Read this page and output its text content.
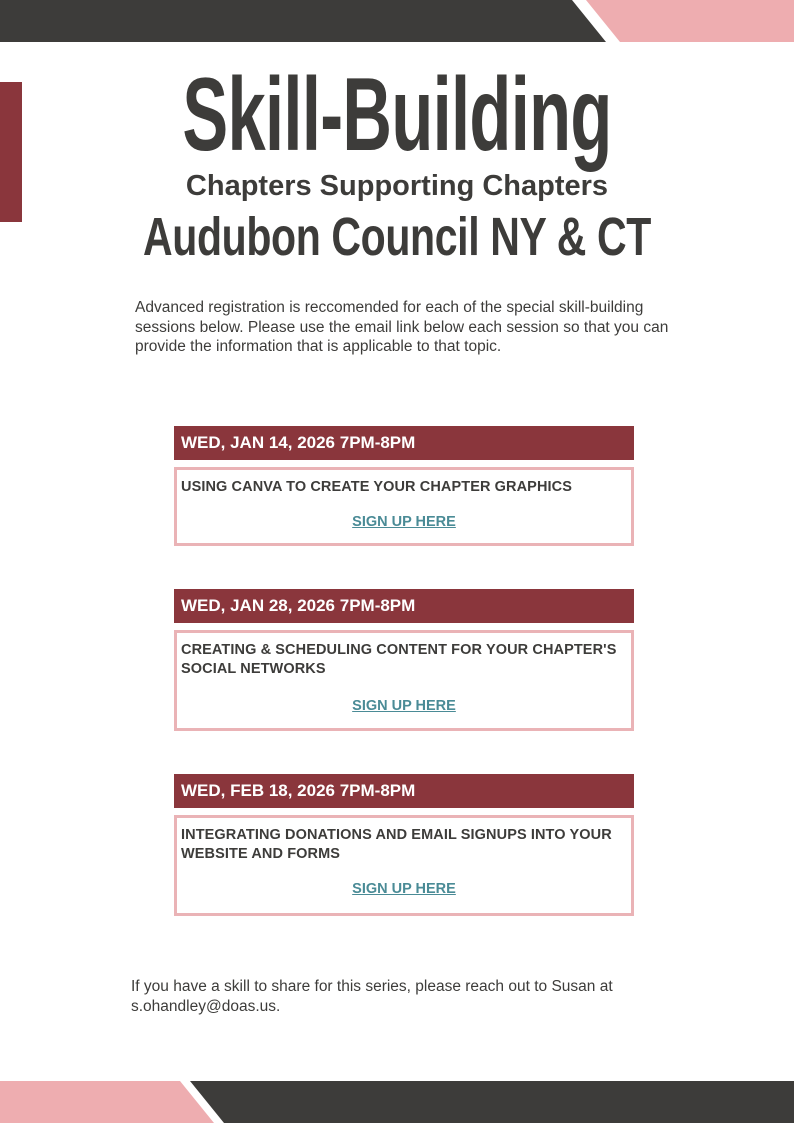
Skill-Building
Chapters Supporting Chapters
Audubon Council NY & CT
Advanced registration is reccomended for each of the special skill-building sessions below. Please use the email link below each session so that you can provide the information that is applicable to that topic.
WED, JAN 14, 2026 7PM-8PM
USING CANVA TO CREATE YOUR CHAPTER GRAPHICS
SIGN UP HERE
WED, JAN 28, 2026 7PM-8PM
CREATING & SCHEDULING CONTENT FOR YOUR CHAPTER'S SOCIAL NETWORKS
SIGN UP HERE
WED, FEB 18, 2026 7PM-8PM
INTEGRATING DONATIONS AND EMAIL SIGNUPS INTO YOUR WEBSITE AND FORMS
SIGN UP HERE
If you have a skill to share for this series, please reach out to Susan at s.ohandley@doas.us.
